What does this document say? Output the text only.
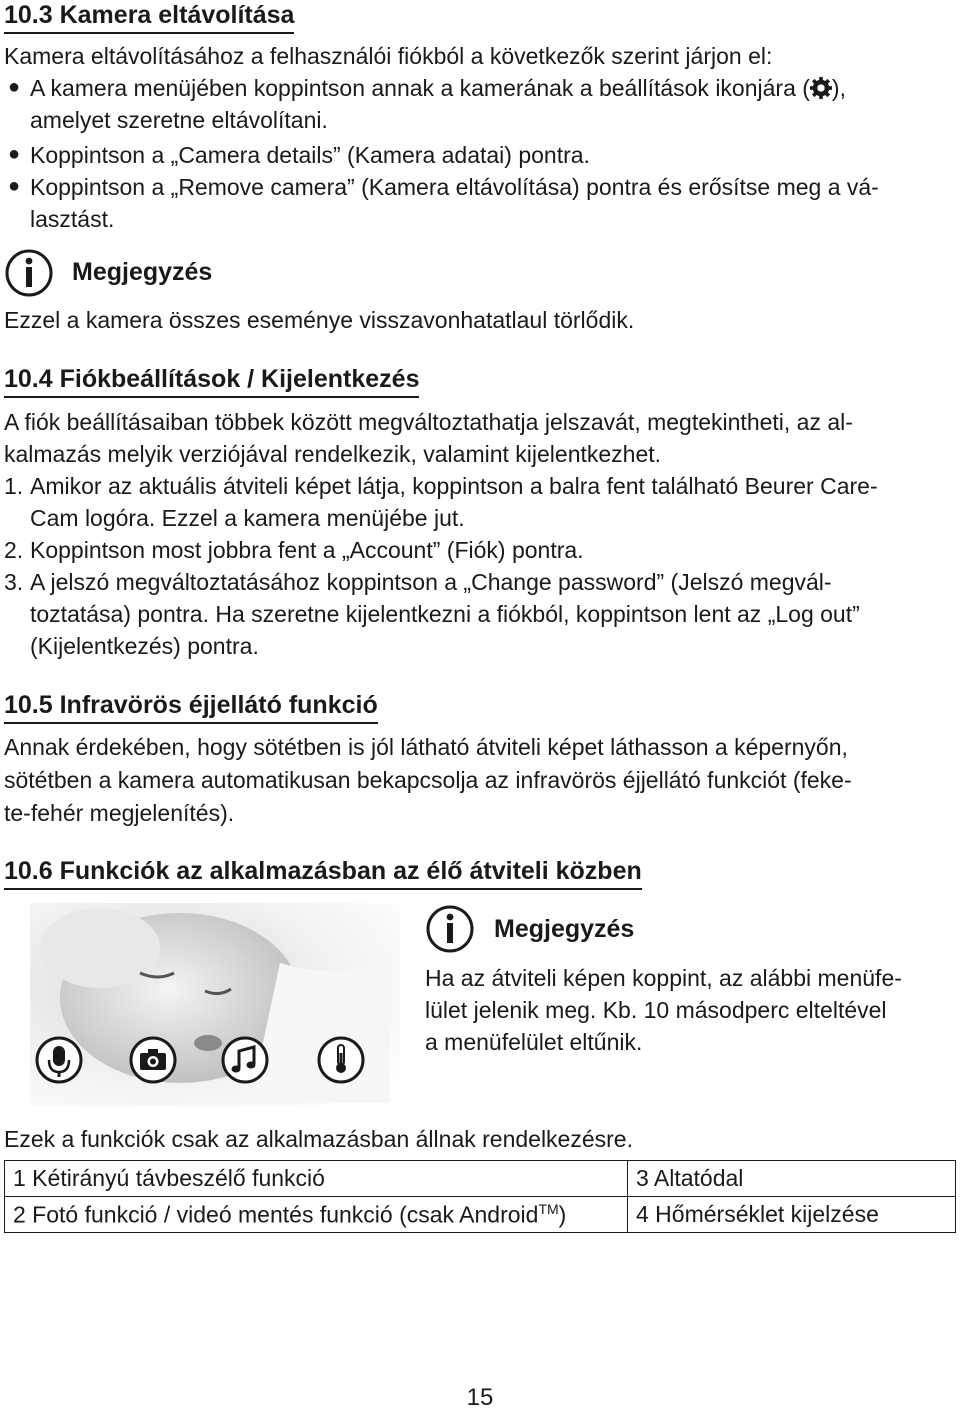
10.3 Kamera eltávolítása
Kamera eltávolításához a felhasználói fiókból a következők szerint járjon el:
● A kamera menüjében koppintson annak a kamerának a beállítások ikonjára ( ),
amelyet szeretne eltávolítani.
● Koppintson a „Camera details” (Kamera adatai) pontra.
● Koppintson a „Remove camera” (Kamera eltávolítása) pontra és erősítse meg a vá-
lasztást.
Megjegyzés
Ezzel a kamera összes eseménye visszavonhatatlaul törlődik.
10.4 Fiókbeállítások / Kijelentkezés
A fiók beállításaiban többek között megváltoztathatja jelszavát, megtekintheti, az al-
kalmazás melyik verziójával rendelkezik, valamint kijelentkezhet.
1. Amikor az aktuális átviteli képet látja, koppintson a balra fent található Beurer Care-
Cam logóra. Ezzel a kamera menüjébe jut.
2. Koppintson most jobbra fent a „Account” (Fiók) pontra.
3. A jelszó megváltoztatásához koppintson a „Change password” (Jelszó megvál-
toztatása) pontra. Ha szeretne kijelentkezni a fiókból, koppintson lent az „Log out”
(Kijelentkezés) pontra.
10.5 Infravörös éjjellátó funkció
Annak érdekében, hogy sötétben is jól látható átviteli képet láthasson a képernyőn,
sötétben a kamera automatikusan bekapcsolja az infravörös éjjellátó funkciót (feke-
te-fehér megjelenítés).
10.6 Funkciók az alkalmazásban az élő átviteli közben
Megjegyzés
Ha az átviteli képen koppint, az alábbi menüfe-
lület jelenik meg. Kb. 10 másodperc elteltével
a menüfelület eltűnik.
Ezek a funkciók csak az alkalmazásban állnak rendelkezésre.
1 Kétirányú távbeszélő funkció	3 Altatódal
2 Fotó funkció / videó mentés funkció (csak Android™)	4 Hőmérséklet kijelzése
15
